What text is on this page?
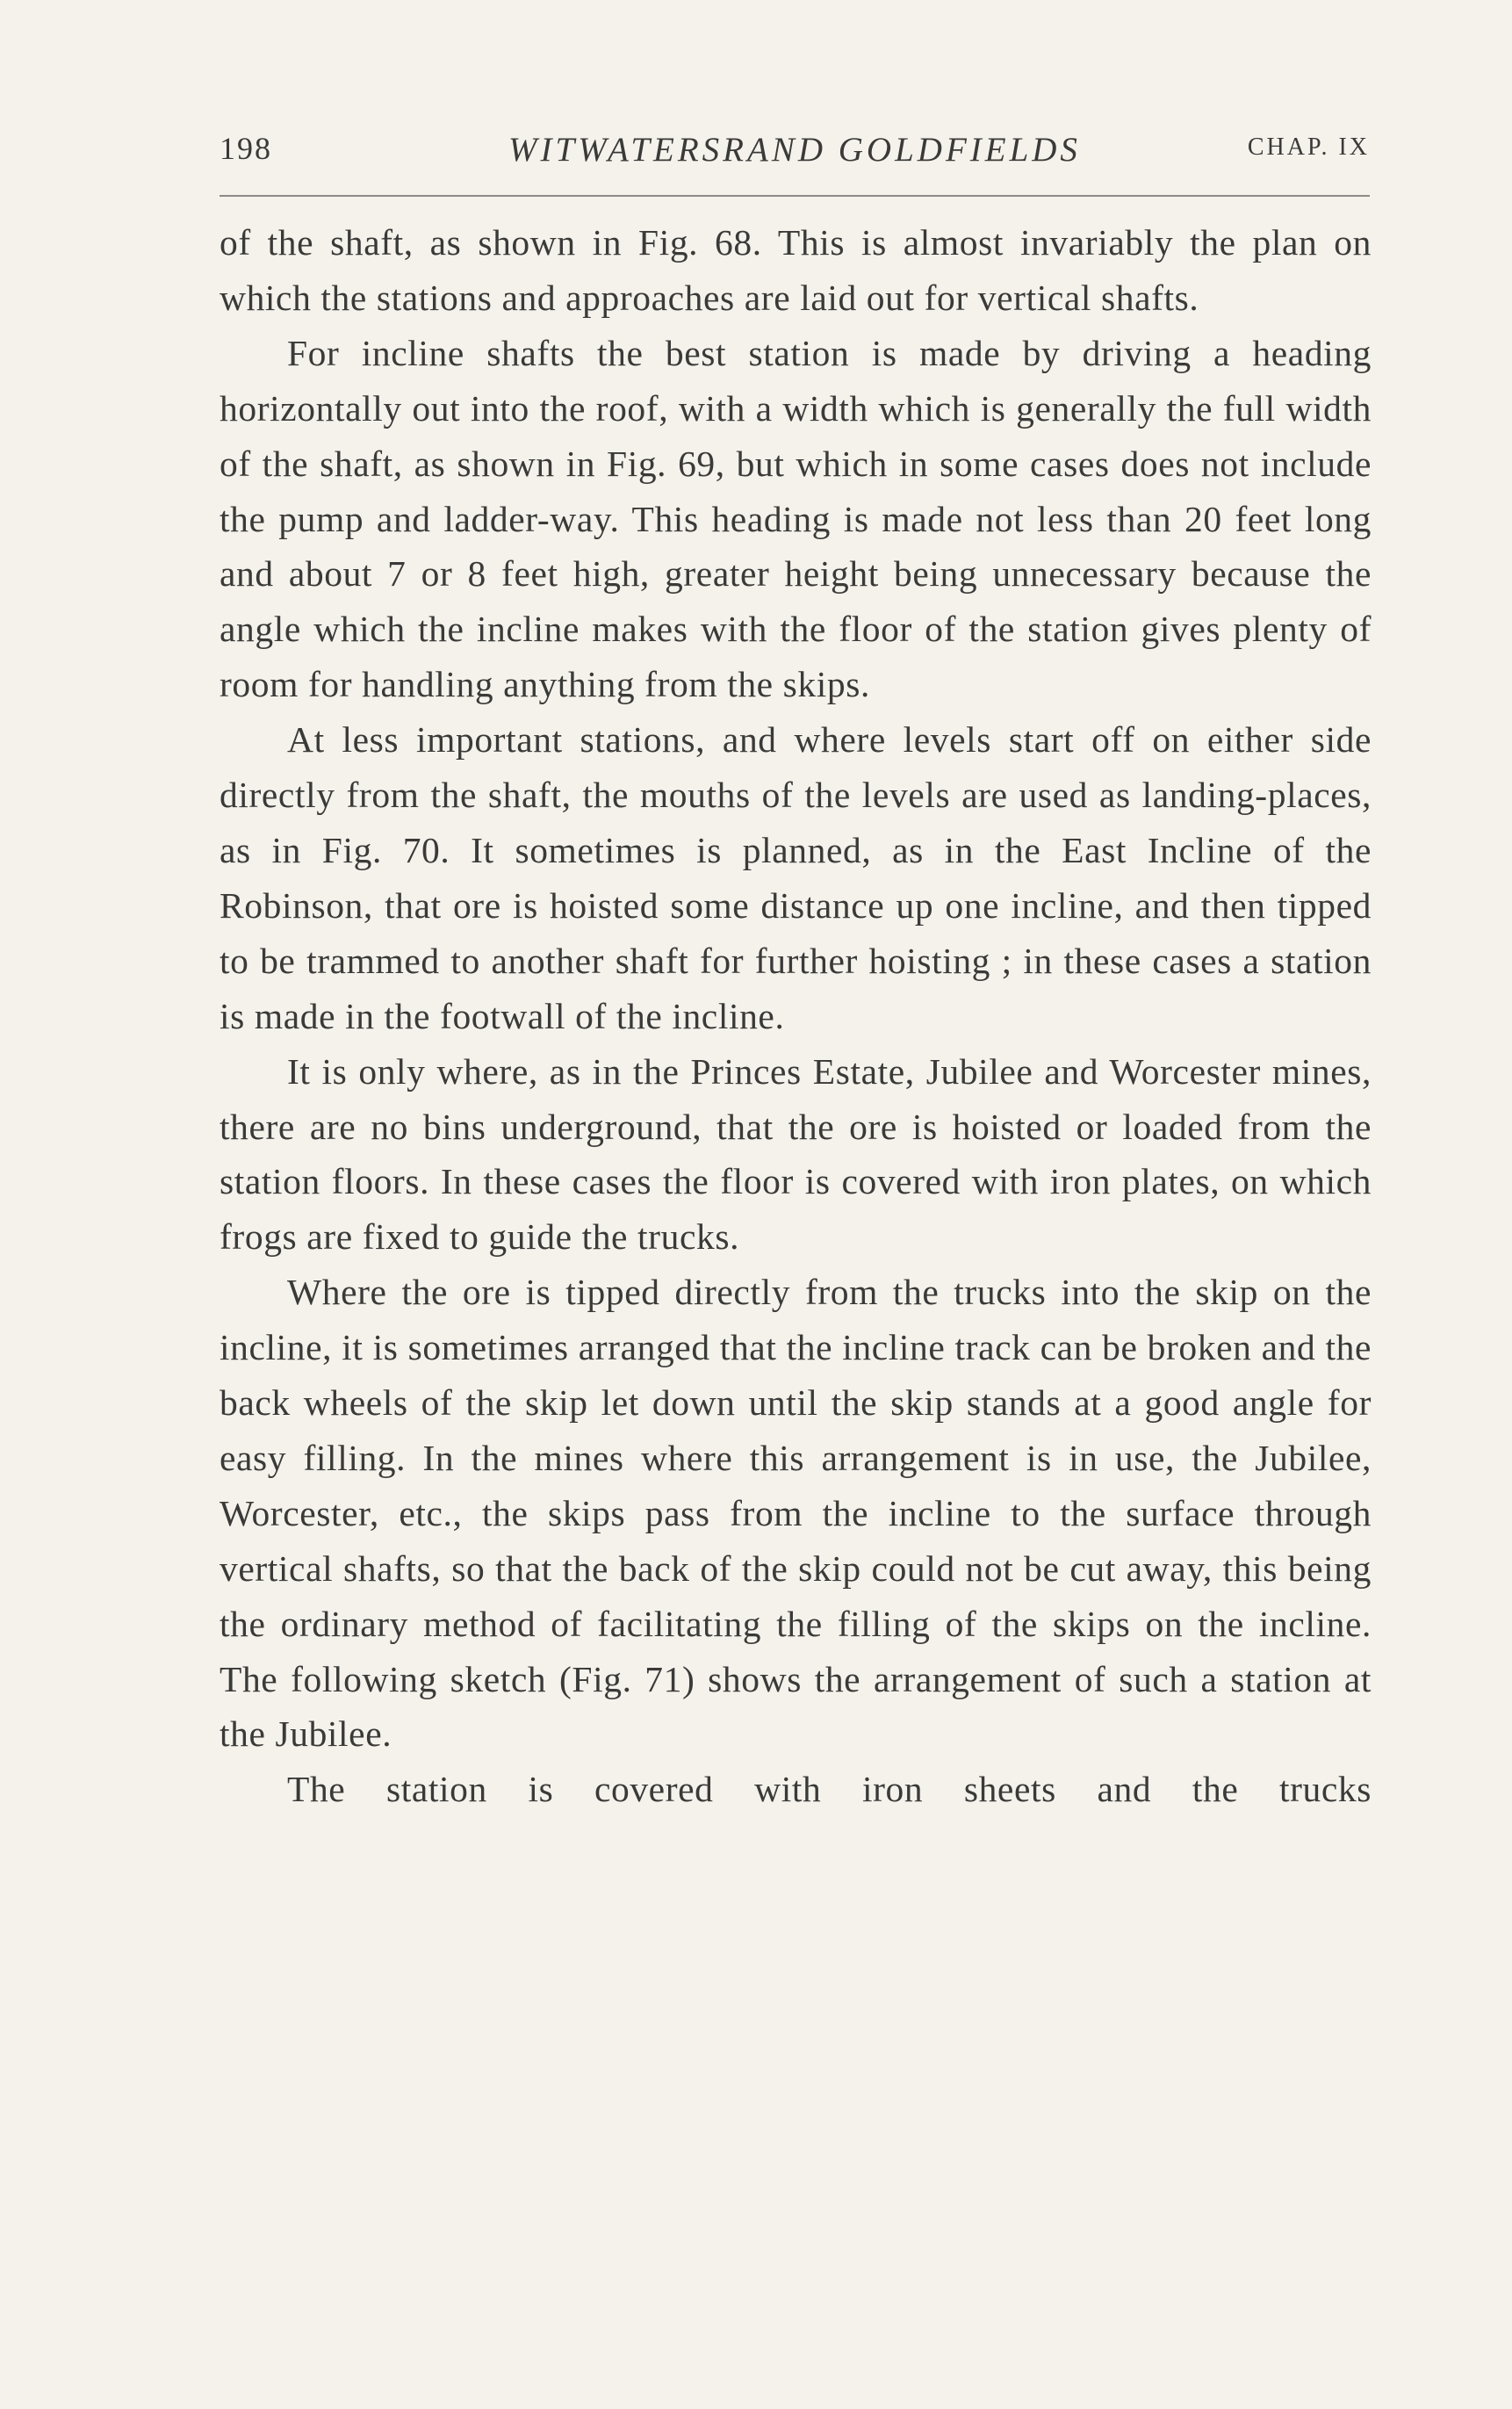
198	WITWATERSRAND GOLDFIELDS	CHAP. IX

of the shaft, as shown in Fig. 68. This is almost invariably the plan on which the stations and approaches are laid out for vertical shafts.

For incline shafts the best station is made by driving a heading horizontally out into the roof, with a width which is generally the full width of the shaft, as shown in Fig. 69, but which in some cases does not include the pump and ladder-way. This heading is made not less than 20 feet long and about 7 or 8 feet high, greater height being unnecessary because the angle which the incline makes with the floor of the station gives plenty of room for handling anything from the skips.

At less important stations, and where levels start off on either side directly from the shaft, the mouths of the levels are used as landing-places, as in Fig. 70. It sometimes is planned, as in the East Incline of the Robinson, that ore is hoisted some distance up one incline, and then tipped to be trammed to another shaft for further hoisting ; in these cases a station is made in the footwall of the incline.

It is only where, as in the Princes Estate, Jubilee and Worcester mines, there are no bins underground, that the ore is hoisted or loaded from the station floors. In these cases the floor is covered with iron plates, on which frogs are fixed to guide the trucks.

Where the ore is tipped directly from the trucks into the skip on the incline, it is sometimes arranged that the incline track can be broken and the back wheels of the skip let down until the skip stands at a good angle for easy filling. In the mines where this arrangement is in use, the Jubilee, Worcester, etc., the skips pass from the incline to the surface through vertical shafts, so that the back of the skip could not be cut away, this being the ordinary method of facilitating the filling of the skips on the incline. The following sketch (Fig. 71) shows the arrangement of such a station at the Jubilee.

The station is covered with iron sheets and the trucks
